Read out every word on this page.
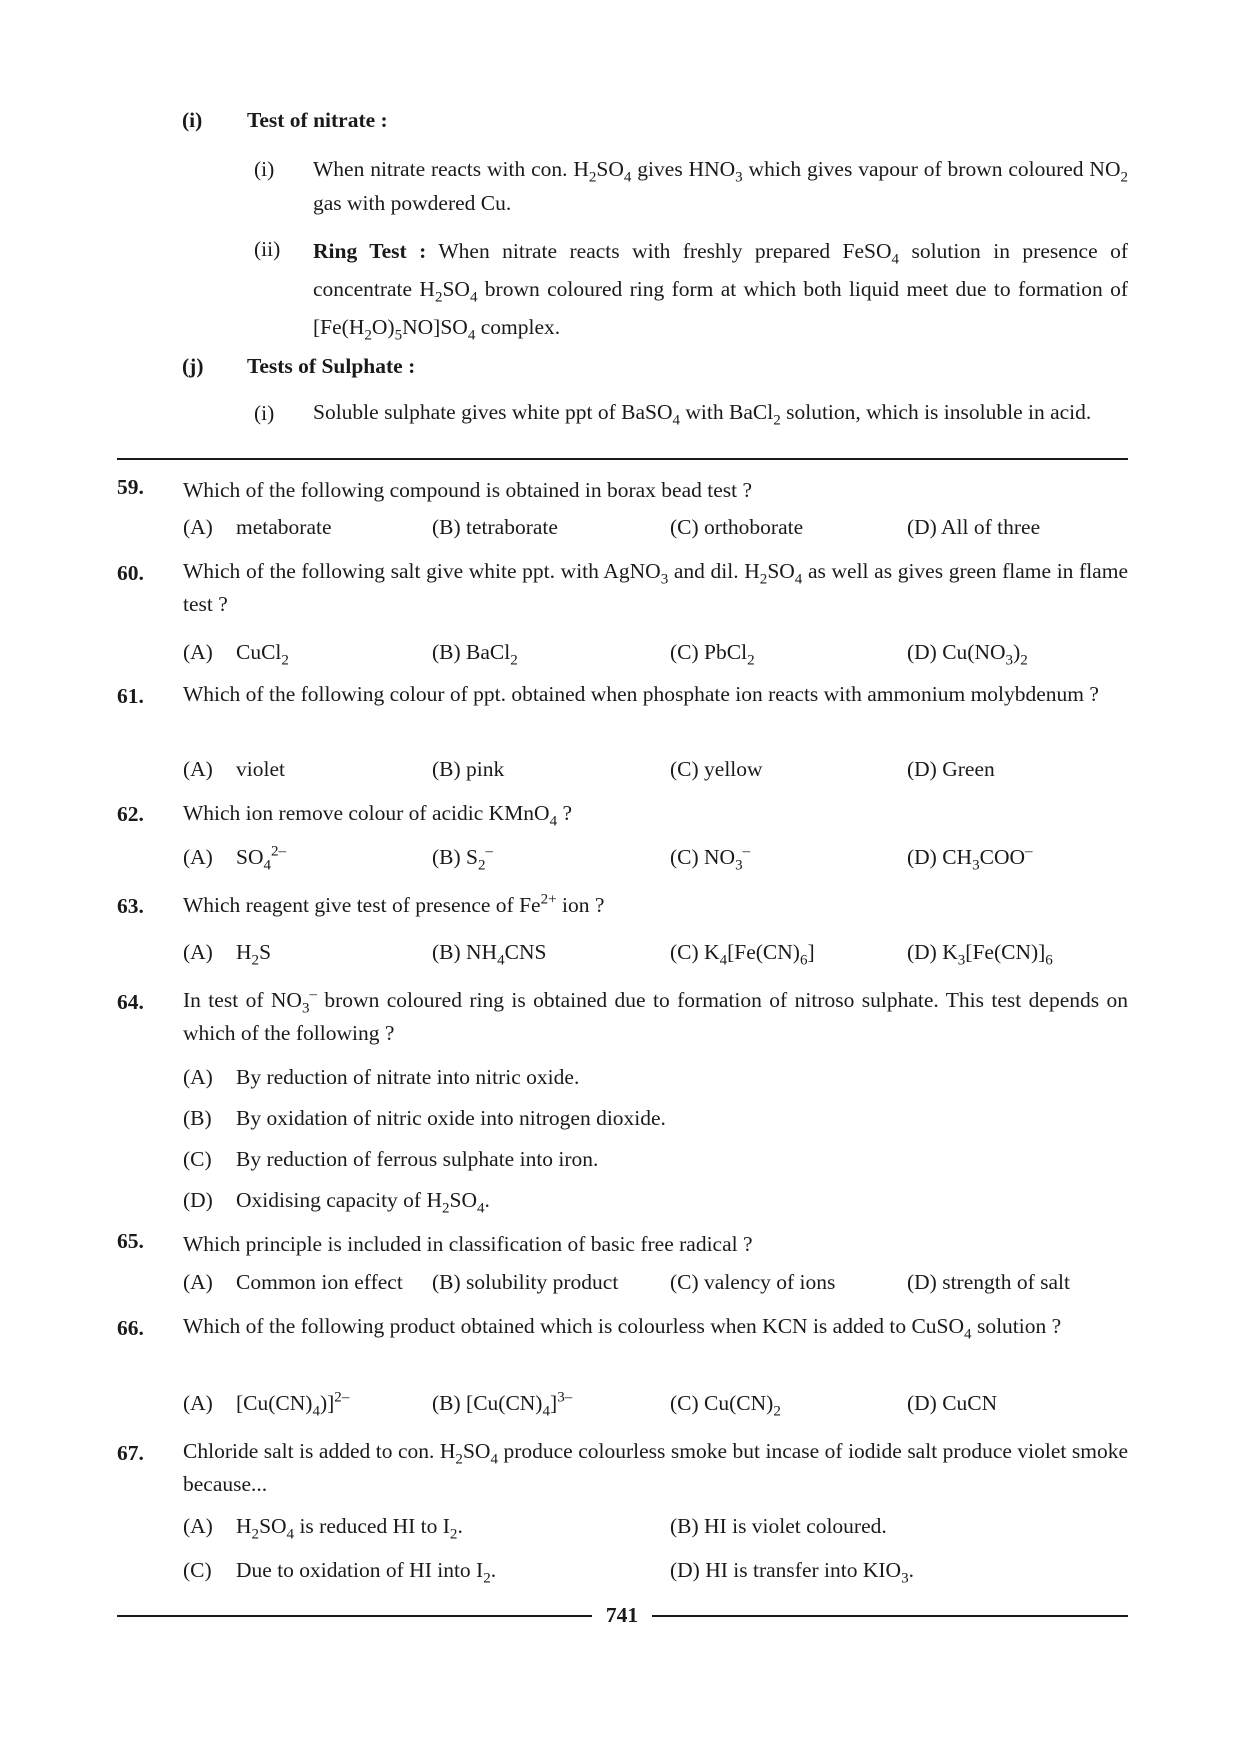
(i) Test of nitrate :
(i) When nitrate reacts with con. $H_2SO_4$ gives $HNO_3$ which gives vapour of brown coloured $NO_2$ gas with powdered Cu.
(ii) Ring Test : When nitrate reacts with freshly prepared FeSO$_4$ solution in presence of concentrate $H_2SO_4$ brown coloured ring form at which both liquid meet due to formation of $[Fe(H_2O)_5NO]SO_4$ complex.
(j) Tests of Sulphate :
(i) Soluble sulphate gives white ppt of BaSO$_4$ with BaCl$_2$ solution, which is insoluble in acid.
59. Which of the following compound is obtained in borax bead test ?
(A) metaborate	(B) tetraborate	(C) orthoborate	(D) All of three
60. Which of the following salt give white ppt. with AgNO$_3$ and dil. $H_2SO_4$ as well as gives green flame in flame test ?
(A) CuCl$_2$	(B) BaCl$_2$	(C) PbCl$_2$	(D) $Cu(NO_3)_2$
61. Which of the following colour of ppt. obtained when phosphate ion reacts with ammonium molybdenum ?
(A) violet	(B) pink	(C) yellow	(D) Green
62. Which ion remove colour of acidic KMnO$_4$ ?
(A) $SO_4^{2-}$	(B) $S_2^-$	(C) $NO_3^-$	(D) $CH_3COO^-$
63. Which reagent give test of presence of $Fe^{2+}$ ion ?
(A) $H_2S$	(B) $NH_4CNS$	(C) $K_4[Fe(CN)_6]$	(D) $K_3[Fe(CN)]_6$
64. In test of $NO_3^-$ brown coloured ring is obtained due to formation of nitroso sulphate. This test depends on which of the following ?
(A) By reduction of nitrate into nitric oxide.
(B) By oxidation of nitric oxide into nitrogen dioxide.
(C) By reduction of ferrous sulphate into iron.
(D) Oxidising capacity of $H_2SO_4$.
65. Which principle is included in classification of basic free radical ?
(A) Common ion effect (B) solubility product (C) valency of ions	(D) strength of salt
66. Which of the following product obtained which is colourless when KCN is added to CuSO$_4$ solution ?
(A) $[Cu(CN)_4)]^{2-}$	(B) $[Cu(CN)_4]^{3-}$	(C) $Cu(CN)_2$	(D) CuCN
67. Chloride salt is added to con. $H_2SO_4$ produce colourless smoke but incase of iodide salt produce violet smoke because...
(A) $H_2SO_4$ is reduced HI to $I_2$.	(B) HI is violet coloured.
(C) Due to oxidation of HI into $I_2$.	(D) HI is transfer into $KIO_3$.
741
